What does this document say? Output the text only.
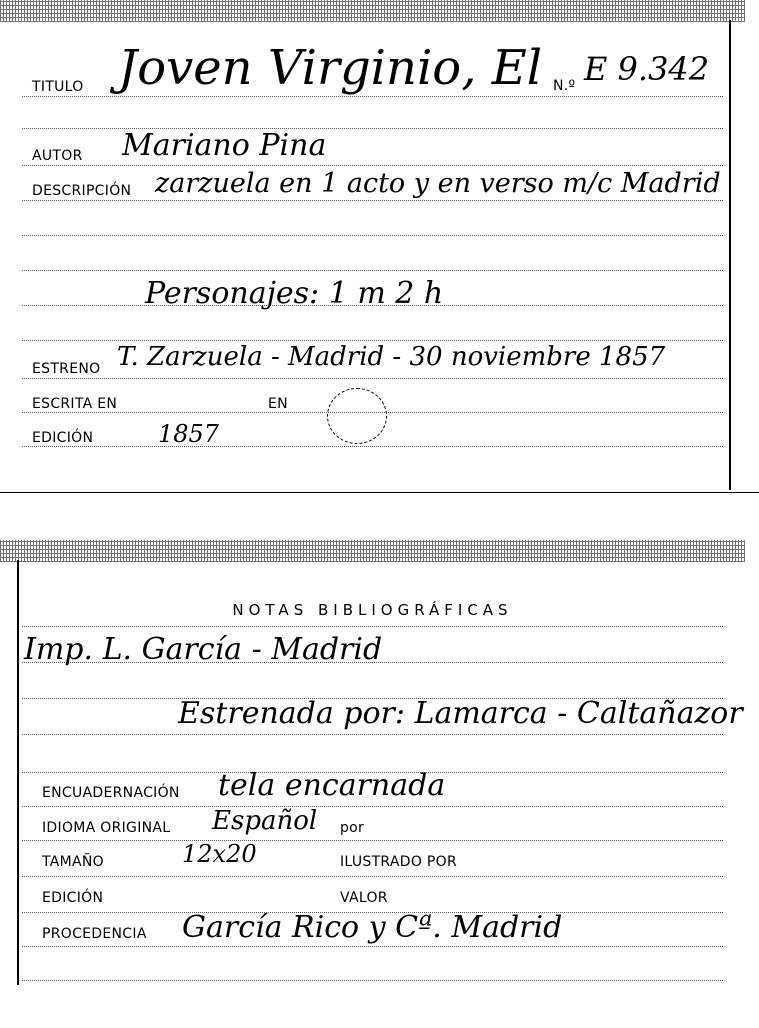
TITULO Joven Virginio, El N.º E 9.342
AUTOR Mariano Pina
DESCRIPCIÓN zarzuela en 1 acto y en verso m/c Madrid
Personajes: 1 m 2 h
ESTRENO T. Zarzuela - Madrid - 30 noviembre 1857
ESCRITA EN	EN
EDICIÓN	1857
NOTAS BIBLIOGRÁFICAS
Imp. L. García - Madrid
Estrenada por: Lamarca - Caltañazor
ENCUADERNACIÓN tela encarnada
IDIOMA ORIGINAL Español por
TAMAÑO	12x20	ILUSTRADO POR
EDICIÓN	VALOR
PROCEDENCIA García Rico y Cª. Madrid
